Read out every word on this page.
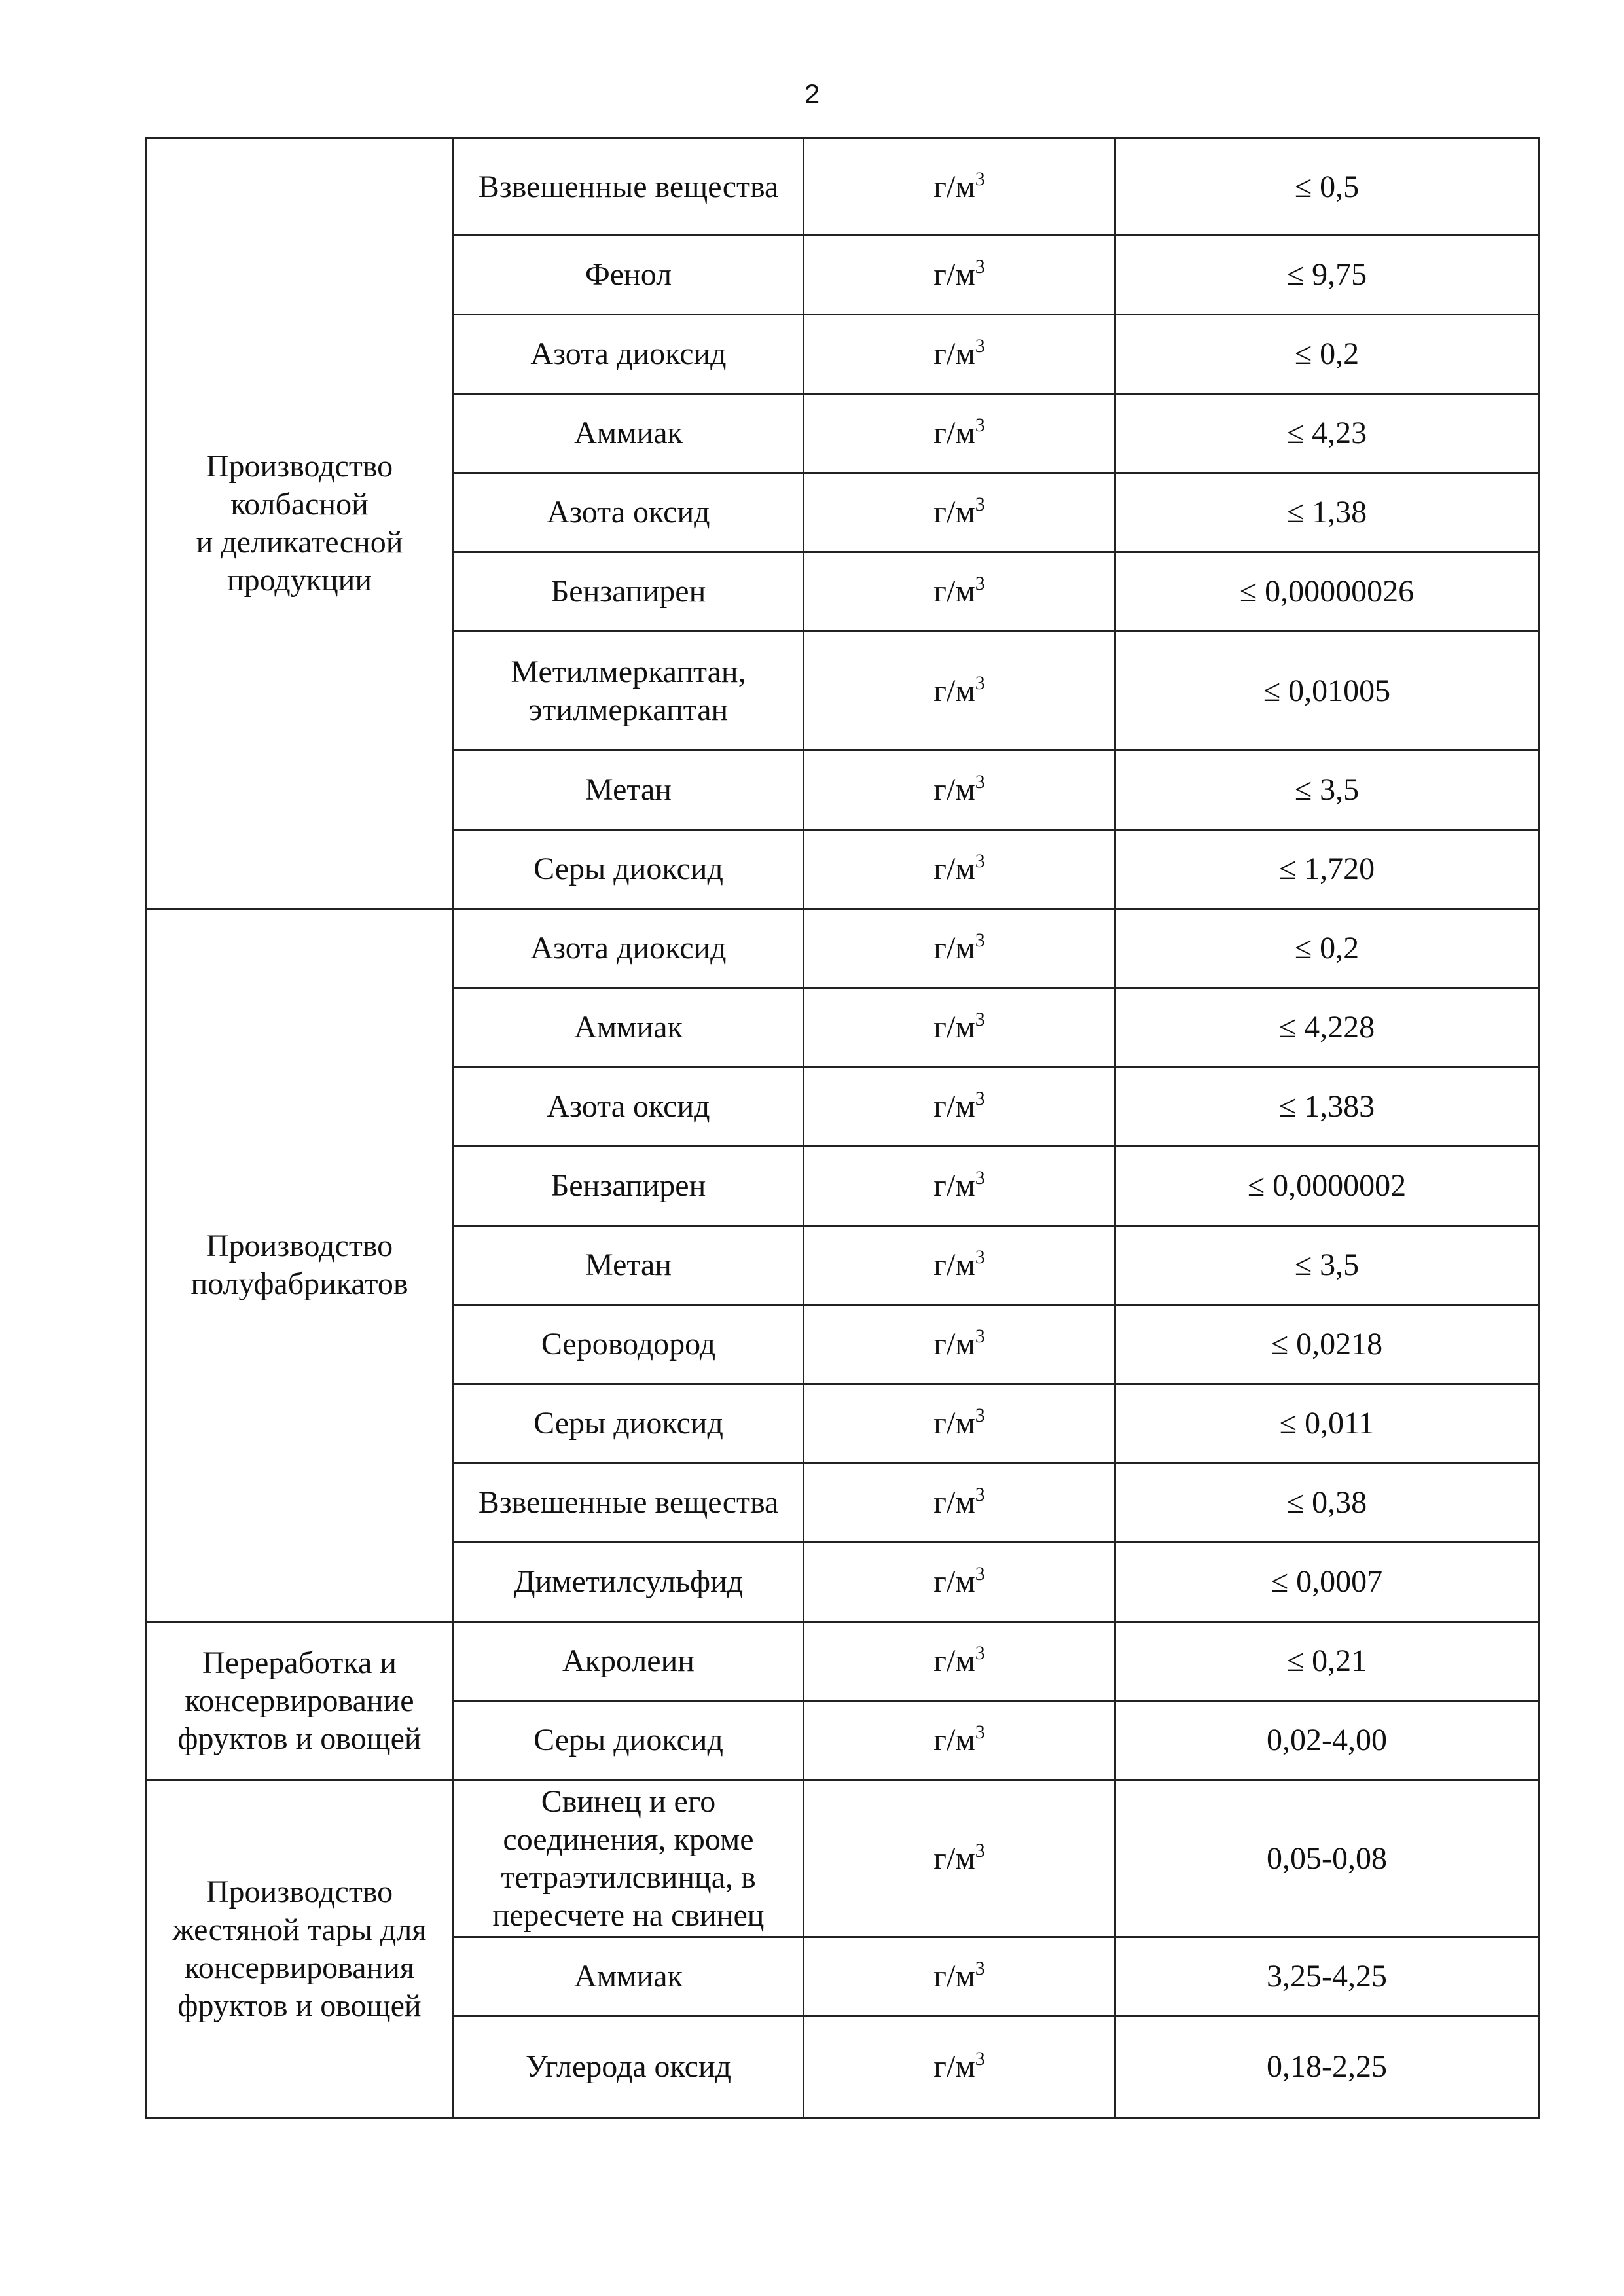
2
Производство
колбасной
и деликатесной
продукции	Взвешенные вещества	$г/м^3$	≤ 0,5
	Фенол	$г/м^3$	≤ 9,75
	Азота диоксид	$г/м^3$	≤ 0,2
	Аммиак	$г/м^3$	≤ 4,23
	Азота оксид	$г/м^3$	≤ 1,38
	Бензапирен	$г/м^3$	≤ 0,00000026
	Метилмеркаптан,
этилмеркаптан	$г/м^3$	≤ 0,01005
	Метан	$г/м^3$	≤ 3,5
	Серы диоксид	$г/м^3$	≤ 1,720
Производство
полуфабрикатов	Азота диоксид	$г/м^3$	≤ 0,2
	Аммиак	$г/м^3$	≤ 4,228
	Азота оксид	$г/м^3$	≤ 1,383
	Бензапирен	$г/м^3$	≤ 0,0000002
	Метан	$г/м^3$	≤ 3,5
	Сероводород	$г/м^3$	≤ 0,0218
	Серы диоксид	$г/м^3$	≤ 0,011
	Взвешенные вещества	$г/м^3$	≤ 0,38
	Диметилсульфид	$г/м^3$	≤ 0,0007
Переработка и
консервирование
фруктов и овощей	Акролеин	$г/м^3$	≤ 0,21
	Серы диоксид	$г/м^3$	0,02-4,00
Производство
жестяной тары для
консервирования
фруктов и овощей	Свинец и его
соединения, кроме
тетраэтилсвинца, в
пересчете на свинец	$г/м^3$	0,05-0,08
	Аммиак	$г/м^3$	3,25-4,25
	Углерода оксид	$г/м^3$	0,18-2,25
